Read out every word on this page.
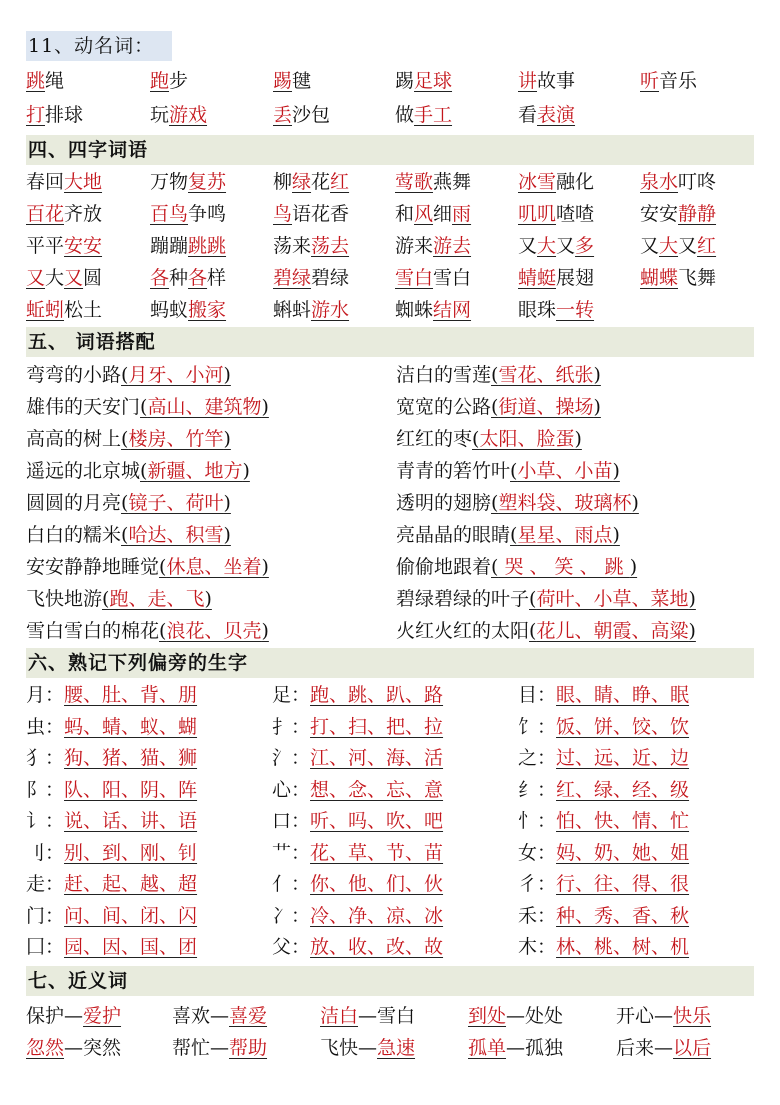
11、动名词：
跳绳	跑步	踢毽	踢足球	讲故事	听音乐
打排球	玩游戏	丢沙包	做手工	看表演
四、四字词语
春回大地	万物复苏 柳绿花红 莺歌燕舞 冰雪融化 泉水叮咚
百花齐放	百鸟争鸣 鸟语花香 和风细雨 叽叽喳喳 安安静静
平平安安	蹦蹦跳跳 荡来荡去 游来游去 又大又多 又大又红
又大又圆	各种各样 碧绿碧绿 雪白雪白 蜻蜓展翅 蝴蝶飞舞
蚯蚓松土	蚂蚁搬家 蝌蚪游水 蜘蛛结网 眼珠一转
五、 词语搭配
弯弯的小路(月牙、小河)	洁白的雪莲(雪花、纸张)
雄伟的天安门(高山、建筑物)	宽宽的公路(街道、操场)
高高的树上(楼房、竹竿)	红红的枣(太阳、脸蛋)
遥远的北京城(新疆、地方)	青青的箬竹叶(小草、小苗)
圆圆的月亮(镜子、荷叶)	透明的翅膀(塑料袋、玻璃杯)
白白的糯米(哈达、积雪)	亮晶晶的眼睛(星星、雨点)
安安静静地睡觉(休息、坐着)	偷偷地跟着( 哭 、 笑 、 跳 )
飞快地游(跑、走、飞)	碧绿碧绿的叶子(荷叶、小草、菜地)
雪白雪白的棉花(浪花、贝壳)	火红火红的太阳(花儿、朝霞、高粱)
六、熟记下列偏旁的生字
月：腰、肚、背、朋	足：跑、跳、趴、路	目：眼、睛、睁、眠
虫：蚂、蜻、蚁、蝴	扌：打、扫、把、拉	饣：饭、饼、饺、饮
犭：狗、猪、猫、狮	氵：江、河、海、活	之：过、远、近、边
阝：队、阳、阴、阵	心：想、念、忘、意	纟：红、绿、经、级
讠：说、话、讲、语	口：听、吗、吹、吧	忄：怕、快、情、忙
刂：别、到、刚、钊	艹：花、草、节、苗	女：妈、奶、她、姐
走：赶、起、越、超	亻：你、他、们、伙	彳：行、往、得、很
门：问、间、闭、闪	冫：冷、净、凉、冰	禾：种、秀、香、秋
囗：园、因、国、团	父：放、收、改、故	木：林、桃、树、机
七、近义词
保护—爱护	喜欢—喜爱	洁白—雪白	到处—处处	开心—快乐
忽然—突然	帮忙—帮助	飞快—急速	孤单—孤独	后来—以后
